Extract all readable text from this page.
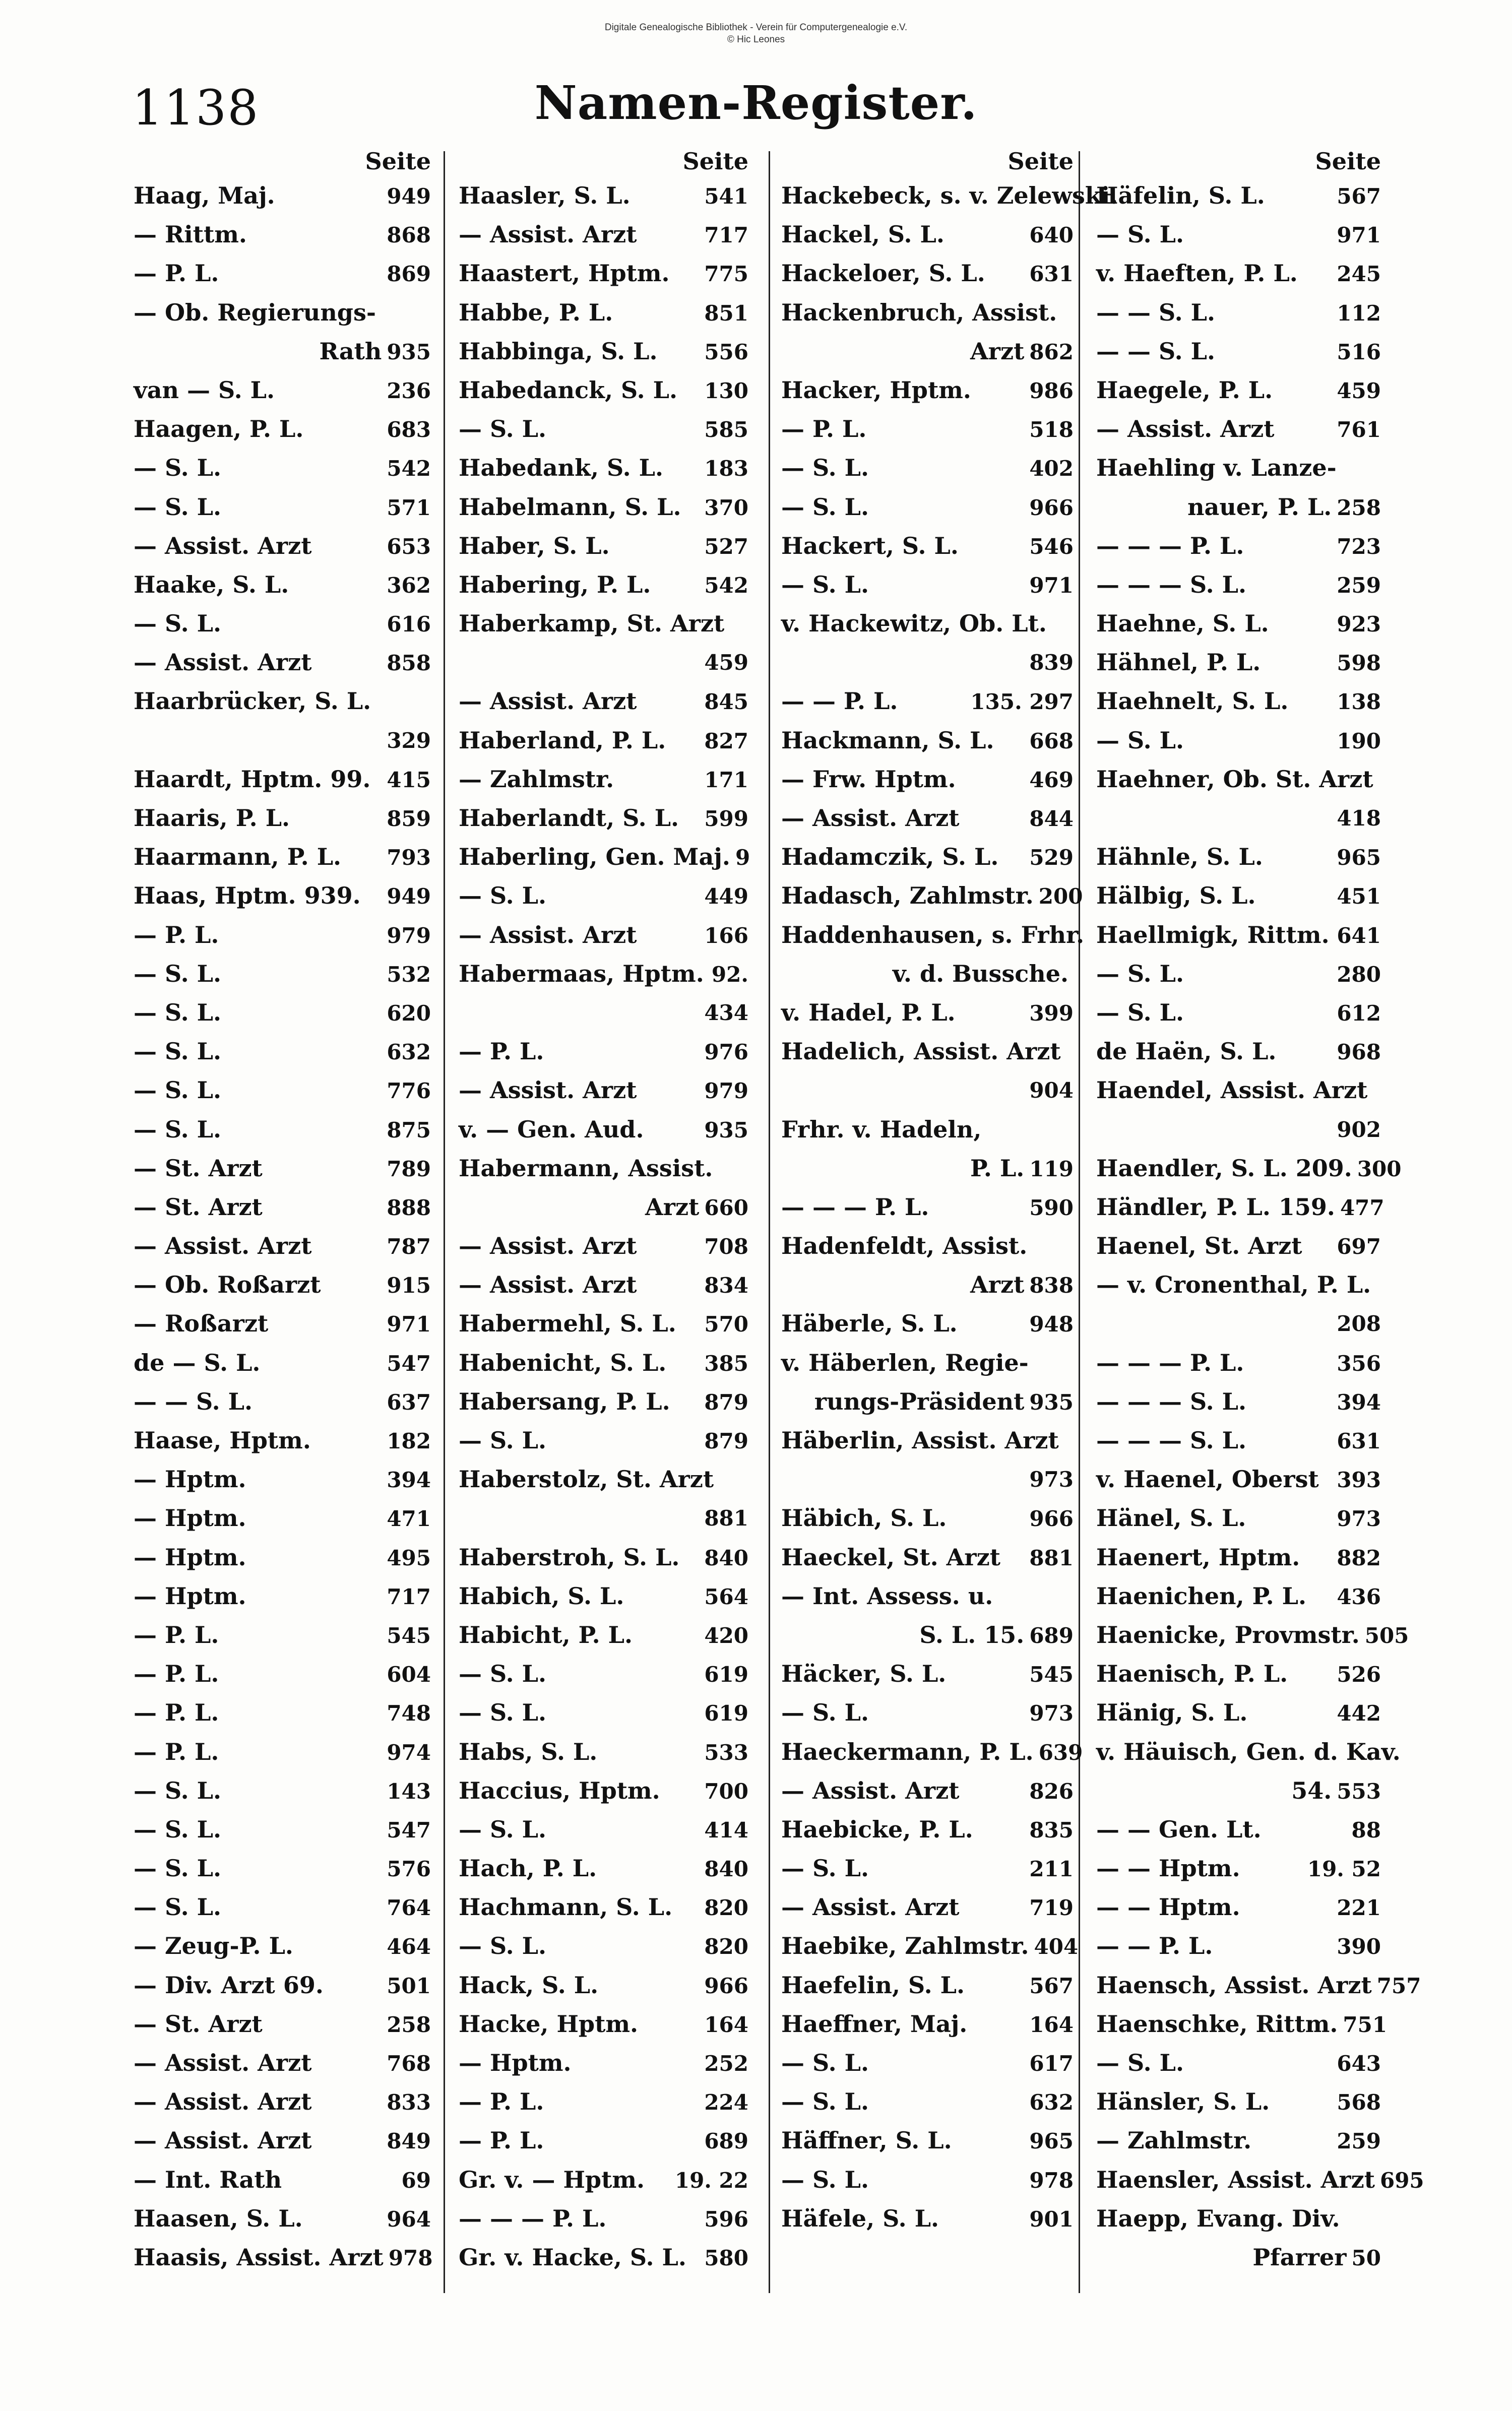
Digitale Genealogische Bibliothek - Verein für Computergenealogie e.V.
© Hic Leones
1138	Namen-Register.
Seite
Haag, Maj.	949
— Rittm.	868
— P. L.	869
— Ob. Regierungs-
Rath 935
van — S. L.	236
Haagen, P. L.	683
— S. L.	542
— S. L.	571
— Assist. Arzt	653
Haake, S. L.	362
— S. L.	616
— Assist. Arzt	858
Haarbrücker, S. L.
329
Haardt, Hptm. 99. 415
Haaris, P. L.	859
Haarmann, P. L. 793
Haas, Hptm. 939. 949
— P. L.	979
— S. L.	532
— S. L.	620
— S. L.	632
— S. L.	776
— S. L.	875
— St. Arzt	789
— St. Arzt	888
— Assist. Arzt	787
— Ob. Roßarzt	915
— Roßarzt	971
de — S. L.	547
— — S. L.	637
Haase, Hptm.	182
— Hptm.	394
— Hptm.	471
— Hptm.	495
— Hptm.	717
— P. L.	545
— P. L.	604
— P. L.	748
— P. L.	974
— S. L.	143
— S. L.	547
— S. L.	576
— S. L.	764
— Zeug-P. L.	464
— Div. Arzt 69.	501
— St. Arzt	258
— Assist. Arzt	768
— Assist. Arzt	833
— Assist. Arzt	849
— Int. Rath	69
Haasen, S. L.	964
Haasis, Assist. Arzt 978
Seite
Haasler, S. L.	541
— Assist. Arzt	717
Haastert, Hptm. 775
Habbe, P. L.	851
Habbinga, S. L. 556
Habedanck, S. L. 130
— S. L.	585
Habedank, S. L. 183
Habelmann, S. L. 370
Haber, S. L.	527
Habering, P. L.	542
Haberkamp, St. Arzt
459
— Assist. Arzt	845
Haberland, P. L. 827
— Zahlmstr.	171
Haberlandt, S. L. 599
Haberling, Gen. Maj. 9
— S. L.	449
— Assist. Arzt	166
Habermaas, Hptm. 92.
434
— P. L.	976
— Assist. Arzt	979
v. — Gen. Aud.	935
Habermann, Assist.
Arzt 660
— Assist. Arzt	708
— Assist. Arzt	834
Habermehl, S. L. 570
Habenicht, S. L. 385
Habersang, P. L. 879
— S. L.	879
Haberstolz, St. Arzt
881
Haberstroh, S. L. 840
Habich, S. L.	564
Habicht, P. L.	420
— S. L.	619
— S. L.	619
Habs, S. L.	533
Haccius, Hptm. 700
— S. L.	414
Hach, P. L.	840
Hachmann, S. L. 820
— S. L.	820
Hack, S. L.	966
Hacke, Hptm.	164
— Hptm.	252
— P. L.	224
— P. L.	689
Gr. v. — Hptm. 19. 22
— — — P. L.	596
Gr. v. Hacke, S. L. 580
Seite
Hackebeck, s. v. Zelewski.
Hackel, S. L.	640
Hackeloer, S. L. 631
Hackenbruch, Assist.
Arzt 862
Hacker, Hptm.	986
— P. L.	518
— S. L.	402
— S. L.	966
Hackert, S. L.	546
— S. L.	971
v. Hackewitz, Ob. Lt.
839
— — P. L.	135. 297
Hackmann, S. L. 668
— Frw. Hptm.	469
— Assist. Arzt	844
Hadamczik, S. L. 529
Hadasch, Zahlmstr. 200
Haddenhausen, s. Frhr.
v. d. Bussche.
v. Hadel, P. L.	399
Hadelich, Assist. Arzt
904
Frhr. v. Hadeln,
P. L. 119
— — — P. L.	590
Hadenfeldt, Assist.
Arzt 838
Häberle, S. L.	948
v. Häberlen, Regie-
rungs-Präsident 935
Häberlin, Assist. Arzt
973
Häbich, S. L.	966
Haeckel, St. Arzt 881
— Int. Assess. u.
S. L. 15. 689
Häcker, S. L.	545
— S. L.	973
Haeckermann, P. L. 639
— Assist. Arzt	826
Haebicke, P. L.	835
— S. L.	211
— Assist. Arzt	719
Haebike, Zahlmstr. 404
Haefelin, S. L.	567
Haeffner, Maj.	164
— S. L.	617
— S. L.	632
Häffner, S. L.	965
— S. L.	978
Häfele, S. L.	901
Seite
Häfelin, S. L.	567
— S. L.	971
v. Haeften, P. L. 245
— — S. L.	112
— — S. L.	516
Haegele, P. L.	459
— Assist. Arzt	761
Haehling v. Lanze-
nauer, P. L. 258
— — — P. L.	723
— — — S. L.	259
Haehne, S. L.	923
Hähnel, P. L.	598
Haehnelt, S. L. 138
— S. L.	190
Haehner, Ob. St. Arzt
418
Hähnle, S. L.	965
Hälbig, S. L.	451
Haellmigk, Rittm. 641
— S. L.	280
— S. L.	612
de Haën, S. L.	968
Haendel, Assist. Arzt
902
Haendler, S. L. 209. 300
Händler, P. L. 159. 477
Haenel, St. Arzt 697
— v. Cronenthal, P. L.
208
— — — P. L.	356
— — — S. L.	394
— — — S. L.	631
v. Haenel, Oberst 393
Hänel, S. L.	973
Haenert, Hptm. 882
Haenichen, P. L. 436
Haenicke, Provmstr. 505
Haenisch, P. L. 526
Hänig, S. L.	442
v. Häuisch, Gen. d. Kav.
54. 553
— — Gen. Lt.	88
— — Hptm.	19. 52
— — Hptm.	221
— — P. L.	390
Haensch, Assist. Arzt 757
Haenschke, Rittm. 751
— S. L.	643
Hänsler, S. L.	568
— Zahlmstr.	259
Haensler, Assist. Arzt 695
Haepp, Evang. Div.
Pfarrer 50
